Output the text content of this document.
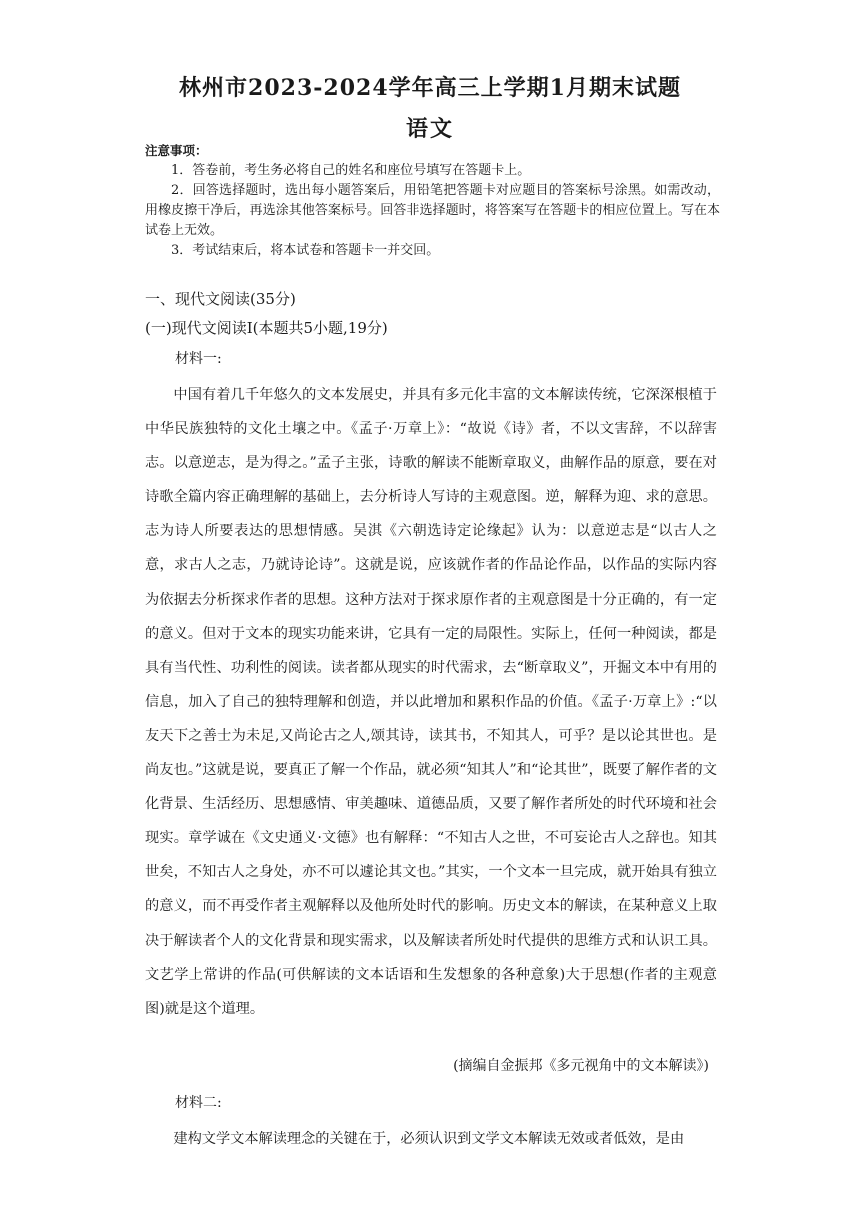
林州市2023-2024学年高三上学期1月期末试题
语文
注意事项：

1．答卷前，考生务必将自己的姓名和座位号填写在答题卡上。

2．回答选择题时，选出每小题答案后，用铅笔把答题卡对应题目的答案标号涂黑。如需改动，用橡皮擦干净后，再选涂其他答案标号。回答非选择题时，将答案写在答题卡的相应位置上。写在本试卷上无效。

3．考试结束后，将本试卷和答题卡一并交回。

一、现代文阅读(35分)
(一)现代文阅读Ⅰ(本题共5小题,19分)
材料一:

中国有着几千年悠久的文本发展史，并具有多元化丰富的文本解读传统，它深深根植于中华民族独特的文化土壤之中。《孟子·万章上》：“故说《诗》者，不以文害辞，不以辞害志。以意逆志，是为得之。”孟子主张，诗歌的解读不能断章取义，曲解作品的原意，要在对诗歌全篇内容正确理解的基础上，去分析诗人写诗的主观意图。逆，解释为迎、求的意思。志为诗人所要表达的思想情感。吴淇《六朝选诗定论缘起》认为：以意逆志是“以古人之意，求古人之志，乃就诗论诗”。这就是说，应该就作者的作品论作品，以作品的实际内容为依据去分析探求作者的思想。这种方法对于探求原作者的主观意图是十分正确的，有一定的意义。但对于文本的现实功能来讲，它具有一定的局限性。实际上，任何一种阅读，都是具有当代性、功利性的阅读。读者都从现实的时代需求，去“断章取义”，开掘文本中有用的信息，加入了自己的独特理解和创造，并以此增加和累积作品的价值。《孟子·万章上》:“以友天下之善士为未足,又尚论古之人,颂其诗，读其书，不知其人，可乎？是以论其世也。是尚友也。”这就是说，要真正了解一个作品，就必须“知其人”和“论其世”，既要了解作者的文化背景、生活经历、思想感情、审美趣味、道德品质，又要了解作者所处的时代环境和社会现实。章学诚在《文史通义·文德》也有解释：“不知古人之世，不可妄论古人之辞也。知其世矣，不知古人之身处，亦不可以遽论其文也。”其实，一个文本一旦完成，就开始具有独立的意义，而不再受作者主观解释以及他所处时代的影响。历史文本的解读，在某种意义上取决于解读者个人的文化背景和现实需求，以及解读者所处时代提供的思维方式和认识工具。文艺学上常讲的作品(可供解读的文本话语和生发想象的各种意象)大于思想(作者的主观意图)就是这个道理。

(摘编自金振邦《多元视角中的文本解读》)
材料二:

建构文学文本解读理念的关键在于，必须认识到文学文本解读无效或者低效，是由
